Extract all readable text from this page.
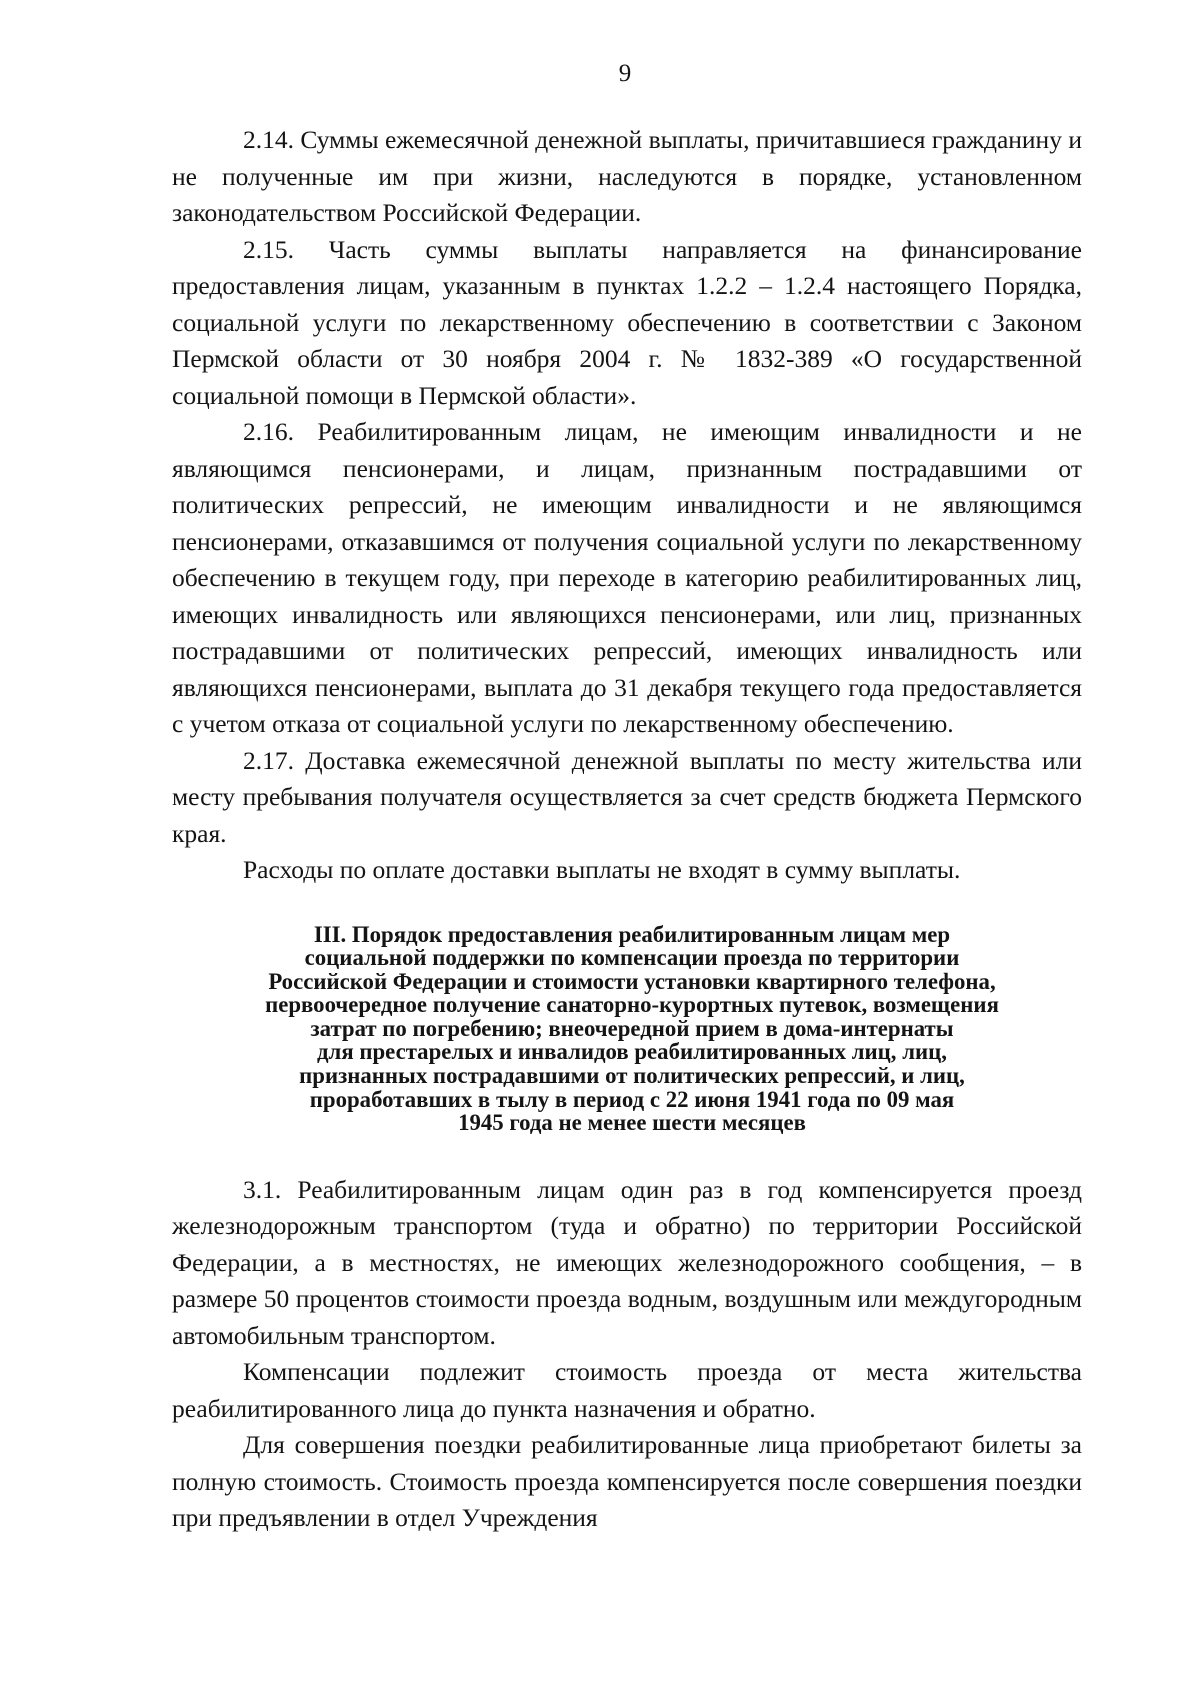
9

2.14. Суммы ежемесячной денежной выплаты, причитавшиеся гражданину и не полученные им при жизни, наследуются в порядке, установленном законодательством Российской Федерации.

2.15. Часть суммы выплаты направляется на финансирование предоставления лицам, указанным в пунктах 1.2.2 – 1.2.4 настоящего Порядка, социальной услуги по лекарственному обеспечению в соответствии с Законом Пермской области от 30 ноября 2004 г. № 1832-389 «О государственной социальной помощи в Пермской области».

2.16. Реабилитированным лицам, не имеющим инвалидности и не являющимся пенсионерами, и лицам, признанным пострадавшими от политических репрессий, не имеющим инвалидности и не являющимся пенсионерами, отказавшимся от получения социальной услуги по лекарственному обеспечению в текущем году, при переходе в категорию реабилитированных лиц, имеющих инвалидность или являющихся пенсионерами, или лиц, признанных пострадавшими от политических репрессий, имеющих инвалидность или являющихся пенсионерами, выплата до 31 декабря текущего года предоставляется с учетом отказа от социальной услуги по лекарственному обеспечению.

2.17. Доставка ежемесячной денежной выплаты по месту жительства или месту пребывания получателя осуществляется за счет средств бюджета Пермского края.

Расходы по оплате доставки выплаты не входят в сумму выплаты.

III. Порядок предоставления реабилитированным лицам мер
социальной поддержки по компенсации проезда по территории
Российской Федерации и стоимости установки квартирного телефона,
первоочередное получение санаторно-курортных путевок, возмещения
затрат по погребению; внеочередной прием в дома-интернаты
для престарелых и инвалидов реабилитированных лиц, лиц,
признанных пострадавшими от политических репрессий, и лиц,
проработавших в тылу в период с 22 июня 1941 года по 09 мая
1945 года не менее шести месяцев

3.1. Реабилитированным лицам один раз в год компенсируется проезд железнодорожным транспортом (туда и обратно) по территории Российской Федерации, а в местностях, не имеющих железнодорожного сообщения, – в размере 50 процентов стоимости проезда водным, воздушным или междугородным автомобильным транспортом.

Компенсации подлежит стоимость проезда от места жительства реабилитированного лица до пункта назначения и обратно.

Для совершения поездки реабилитированные лица приобретают билеты за полную стоимость. Стоимость проезда компенсируется после совершения поездки при предъявлении в отдел Учреждения
